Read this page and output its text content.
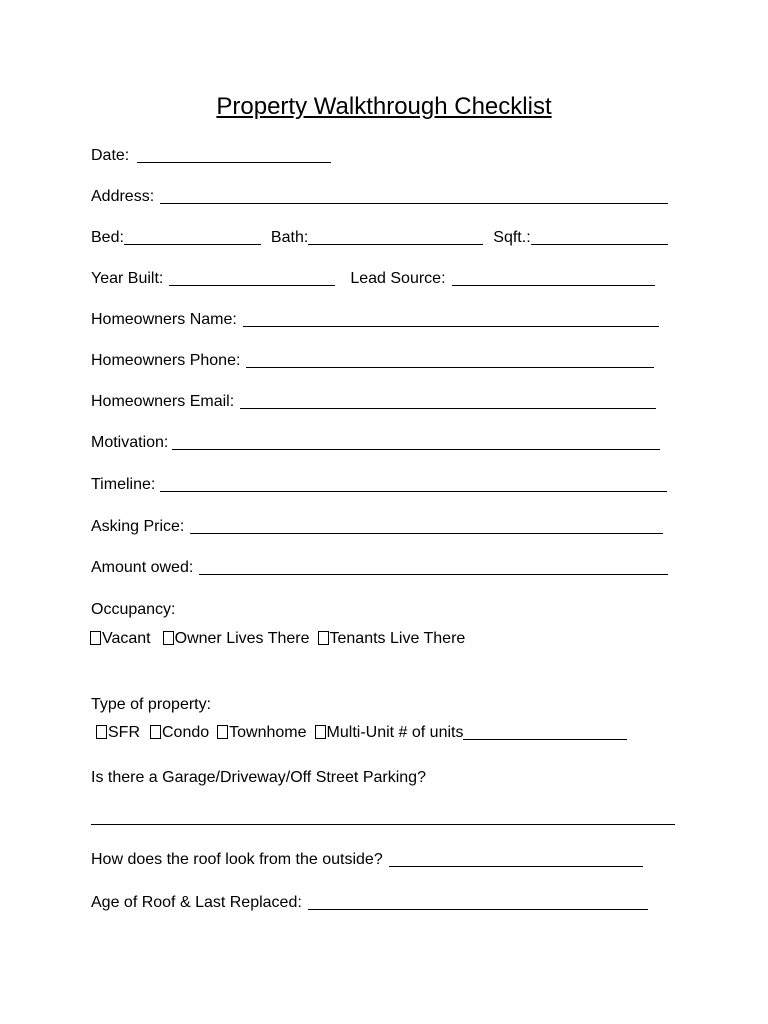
Property Walkthrough Checklist
Date:
Address:
Bed:	Bath:	Sqft.:
Year Built:	Lead Source:
Homeowners Name:
Homeowners Phone:
Homeowners Email:
Motivation:
Timeline:
Asking Price:
Amount owed:
Occupancy:
Vacant Owner Lives There Tenants Live There
Type of property:
SFR Condo Townhome Multi-Unit # of units
Is there a Garage/Driveway/Off Street Parking?
How does the roof look from the outside?
Age of Roof & Last Replaced:
